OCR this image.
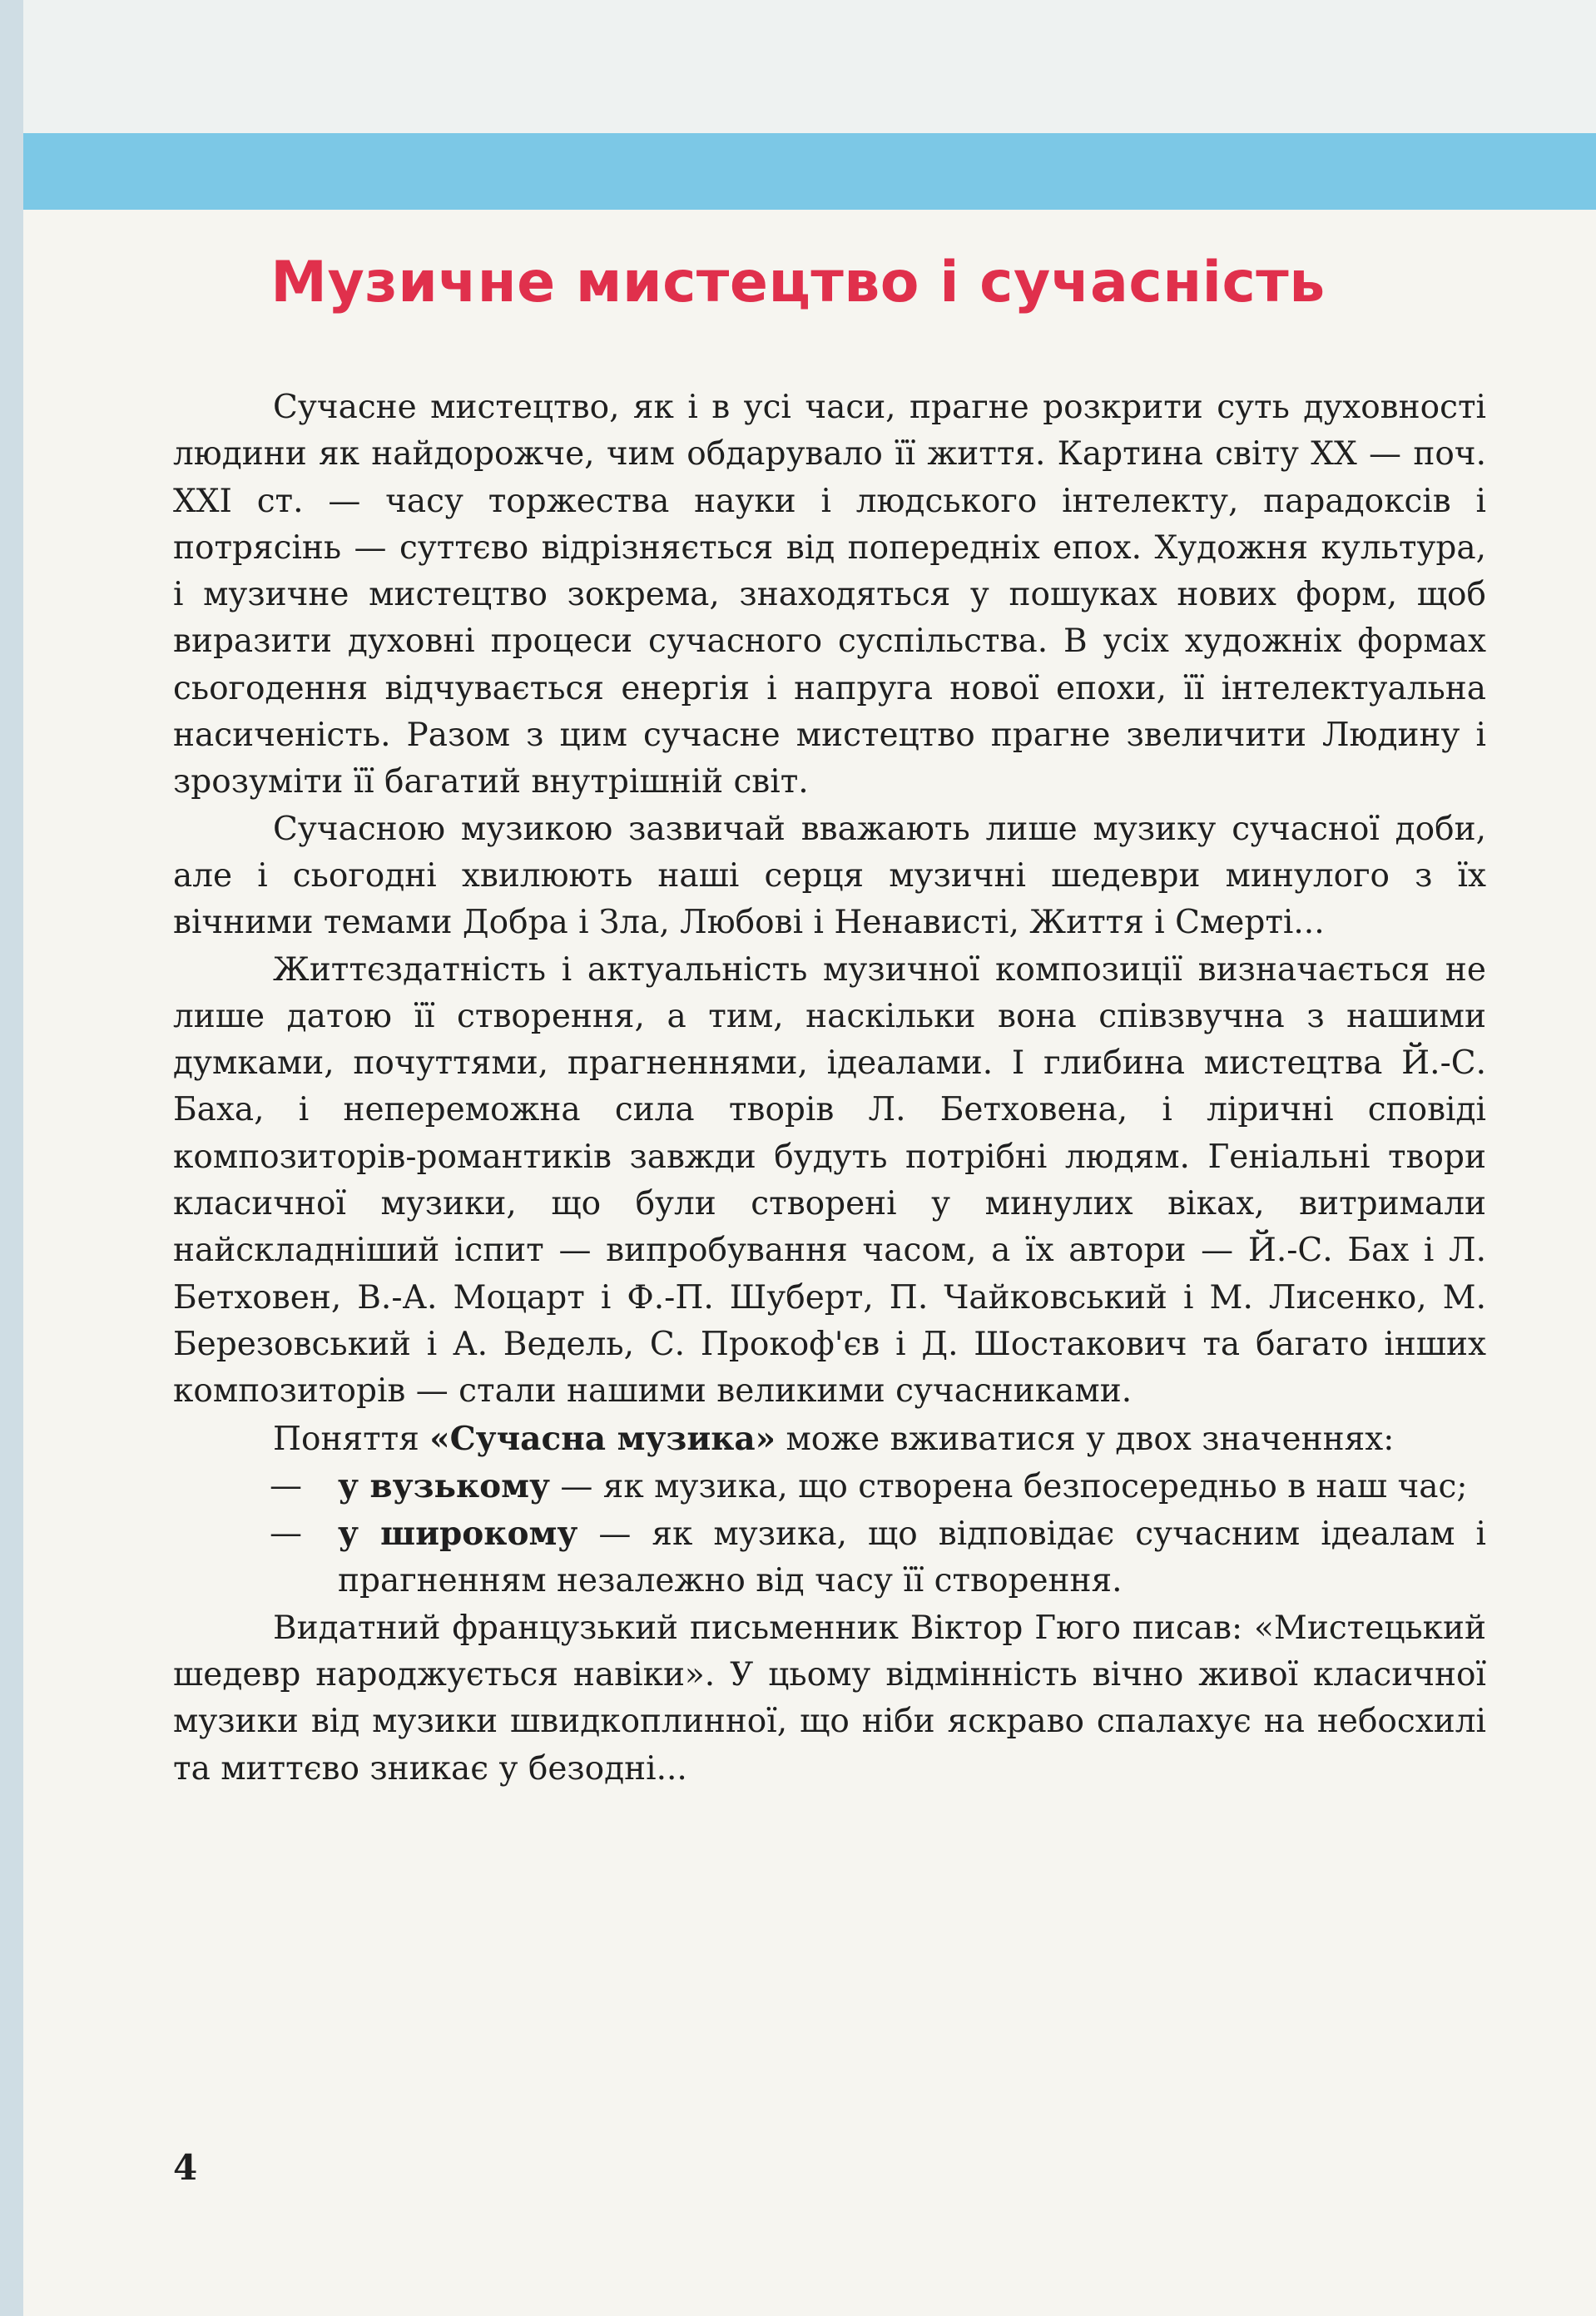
Музичне мистецтво і сучасність

Сучасне мистецтво, як і в усі часи, прагне розкрити суть духовності людини як найдорожче, чим обдарувало її життя. Картина світу XX — поч. XXI ст. — часу торжества науки і людського інтелекту, парадоксів і потрясінь — суттєво відрізняється від попередніх епох. Художня культура, і музичне мистецтво зокрема, знаходяться у пошуках нових форм, щоб виразити духовні процеси сучасного суспільства. В усіх художніх формах сьогодення відчувається енергія і напруга нової епохи, її інтелектуальна насиченість. Разом з цим сучасне мистецтво прагне звеличити Людину і зрозуміти її багатий внутрішній світ.

Сучасною музикою зазвичай вважають лише музику сучасної доби, але і сьогодні хвилюють наші серця музичні шедеври минулого з їх вічними темами Добра і Зла, Любові і Ненависті, Життя і Смерті...

Життєздатність і актуальність музичної композиції визначається не лише датою її створення, а тим, наскільки вона співзвучна з нашими думками, почуттями, прагненнями, ідеалами. І глибина мистецтва Й.-С. Баха, і непереможна сила творів Л. Бетховена, і ліричні сповіді композиторів-романтиків завжди будуть потрібні людям. Геніальні твори класичної музики, що були створені у минулих віках, витримали найскладніший іспит — випробування часом, а їх автори — Й.-С. Бах і Л. Бетховен, В.-А. Моцарт і Ф.-П. Шуберт, П. Чайковський і М. Лисенко, М. Березовський і А. Ведель, С. Прокоф'єв і Д. Шостакович та багато інших композиторів — стали нашими великими сучасниками.

Поняття «Сучасна музика» може вживатися у двох значеннях:

— у вузькому — як музика, що створена безпосередньо в наш час;
— у широкому — як музика, що відповідає сучасним ідеалам і прагненням незалежно від часу її створення.

Видатний французький письменник Віктор Гюго писав: «Мистецький шедевр народжується навіки». У цьому відмінність вічно живої класичної музики від музики швидкоплинної, що ніби яскраво спалахує на небосхилі та миттєво зникає у безодні...

4
